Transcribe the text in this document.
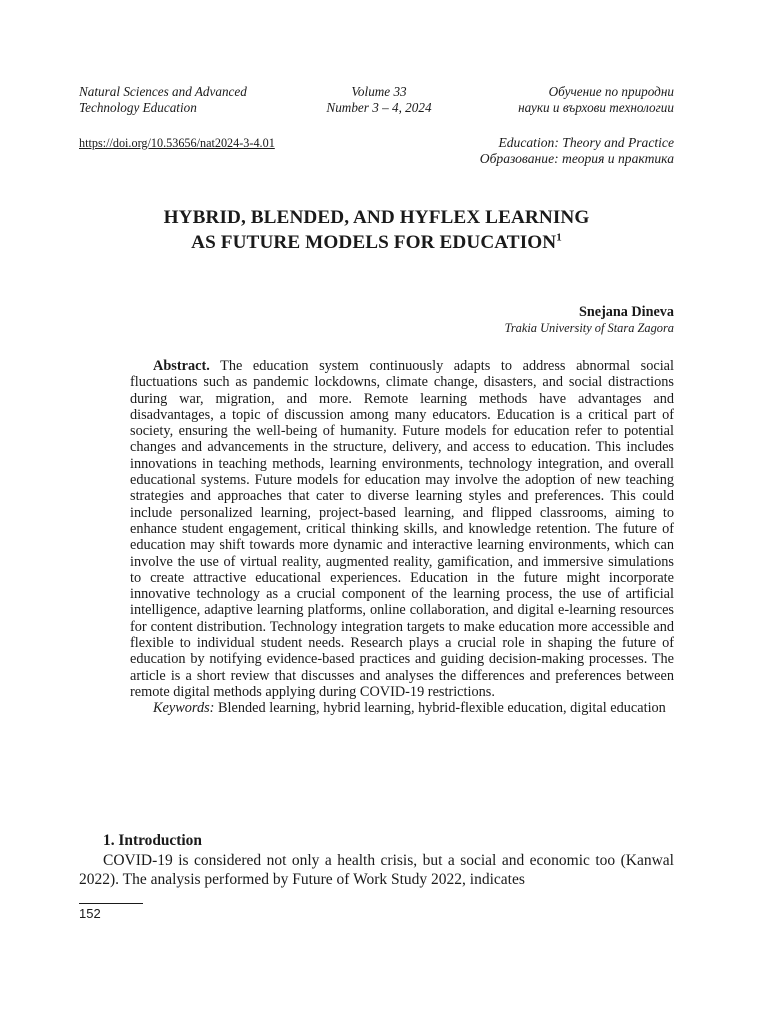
Natural Sciences and Advanced
Technology Education
Volume 33
Number 3 – 4, 2024
Обучение по природни
науки и върхови технологии
https://doi.org/10.53656/nat2024-3-4.01	Education: Theory and Practice
Образование: теория и практика
HYBRID, BLENDED, AND HYFLEX LEARNING
AS FUTURE MODELS FOR EDUCATION$^1$
Snejana Dineva
Trakia University of Stara Zagora

Abstract. The education system continuously adapts to address abnormal social fluctuations such as pandemic lockdowns, climate change, disasters, and social distractions during war, migration, and more. Remote learning methods have advantages and disadvantages, a topic of discussion among many educators. Education is a critical part of society, ensuring the well-being of humanity. Future models for education refer to potential changes and advancements in the structure, delivery, and access to education. This includes innovations in teaching methods, learning environments, technology integration, and overall educational systems. Future models for education may involve the adoption of new teaching strategies and approaches that cater to diverse learning styles and preferences. This could include personalized learning, project-based learning, and flipped classrooms, aiming to enhance student engagement, critical thinking skills, and knowledge retention. The future of education may shift towards more dynamic and interactive learning environments, which can involve the use of virtual reality, augmented reality, gamification, and immersive simulations to create attractive educational experiences. Education in the future might incorporate innovative technology as a crucial component of the learning process, the use of artificial intelligence, adaptive learning platforms, online collaboration, and digital e-learning resources for content distribution. Technology integration targets to make education more accessible and flexible to individual student needs. Research plays a crucial role in shaping the future of education by notifying evidence-based practices and guiding decision-making processes. The article is a short review that discusses and analyses the differences and preferences between remote digital methods applying during COVID-19 restrictions.

Keywords: Blended learning, hybrid learning, hybrid-flexible education, digital education

1. Introduction

COVID-19 is considered not only a health crisis, but a social and economic too (Kanwal 2022). The analysis performed by Future of Work Study 2022, indicates

152
